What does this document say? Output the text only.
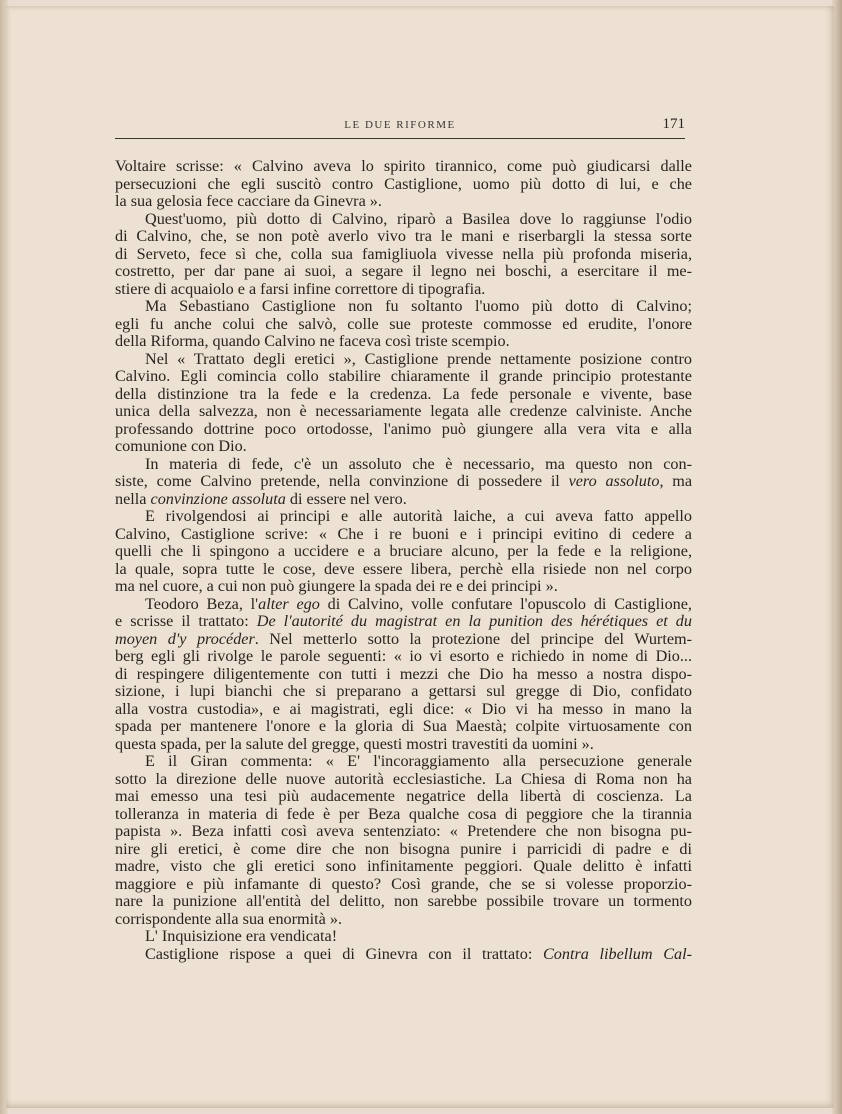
LE DUE RIFORME	171
Voltaire scrisse: « Calvino aveva lo spirito tirannico, come può giudicarsi dalle
persecuzioni che egli suscitò contro Castiglione, uomo più dotto di lui, e che
la sua gelosia fece cacciare da Ginevra ».
Quest'uomo, più dotto di Calvino, riparò a Basilea dove lo raggiunse l'odio
di Calvino, che, se non potè averlo vivo tra le mani e riserbargli la stessa sorte
di Serveto, fece sì che, colla sua famigliuola vivesse nella più profonda miseria,
costretto, per dar pane ai suoi, a segare il legno nei boschi, a esercitare il me-
stiere di acquaiolo e a farsi infine correttore di tipografia.
Ma Sebastiano Castiglione non fu soltanto l'uomo più dotto di Calvino;
egli fu anche colui che salvò, colle sue proteste commosse ed erudite, l'onore
della Riforma, quando Calvino ne faceva così triste scempio.
Nel « Trattato degli eretici », Castiglione prende nettamente posizione contro
Calvino. Egli comincia collo stabilire chiaramente il grande principio protestante
della distinzione tra la fede e la credenza. La fede personale e vivente, base
unica della salvezza, non è necessariamente legata alle credenze calviniste. Anche
professando dottrine poco ortodosse, l'animo può giungere alla vera vita e alla
comunione con Dio.
In materia di fede, c'è un assoluto che è necessario, ma questo non con-
siste, come Calvino pretende, nella convinzione di possedere il vero assoluto, ma
nella convinzione assoluta di essere nel vero.
E rivolgendosi ai principi e alle autorità laiche, a cui aveva fatto appello
Calvino, Castiglione scrive: « Che i re buoni e i principi evitino di cedere a
quelli che li spingono a uccidere e a bruciare alcuno, per la fede e la religione,
la quale, sopra tutte le cose, deve essere libera, perchè ella risiede non nel corpo
ma nel cuore, a cui non può giungere la spada dei re e dei principi ».
Teodoro Beza, l'alter ego di Calvino, volle confutare l'opuscolo di Castiglione,
e scrisse il trattato: De l'autorité du magistrat en la punition des hérétiques et du
moyen d'y procéder. Nel metterlo sotto la protezione del principe del Wurtem-
berg egli gli rivolge le parole seguenti: « io vi esorto e richiedo in nome di Dio...
di respingere diligentemente con tutti i mezzi che Dio ha messo a nostra dispo-
sizione, i lupi bianchi che si preparano a gettarsi sul gregge di Dio, confidato
alla vostra custodia», e ai magistrati, egli dice: « Dio vi ha messo in mano la
spada per mantenere l'onore e la gloria di Sua Maestà; colpite virtuosamente con
questa spada, per la salute del gregge, questi mostri travestiti da uomini ».
E il Giran commenta: « E' l'incoraggiamento alla persecuzione generale
sotto la direzione delle nuove autorità ecclesiastiche. La Chiesa di Roma non ha
mai emesso una tesi più audacemente negatrice della libertà di coscienza. La
tolleranza in materia di fede è per Beza qualche cosa di peggiore che la tirannia
papista ». Beza infatti così aveva sentenziato: « Pretendere che non bisogna pu-
nire gli eretici, è come dire che non bisogna punire i parricidi di padre e di
madre, visto che gli eretici sono infinitamente peggiori. Quale delitto è infatti
maggiore e più infamante di questo? Così grande, che se si volesse proporzio-
nare la punizione all'entità del delitto, non sarebbe possibile trovare un tormento
corrispondente alla sua enormità ».
L' Inquisizione era vendicata!
Castiglione rispose a quei di Ginevra con il trattato: Contra libellum Cal-
